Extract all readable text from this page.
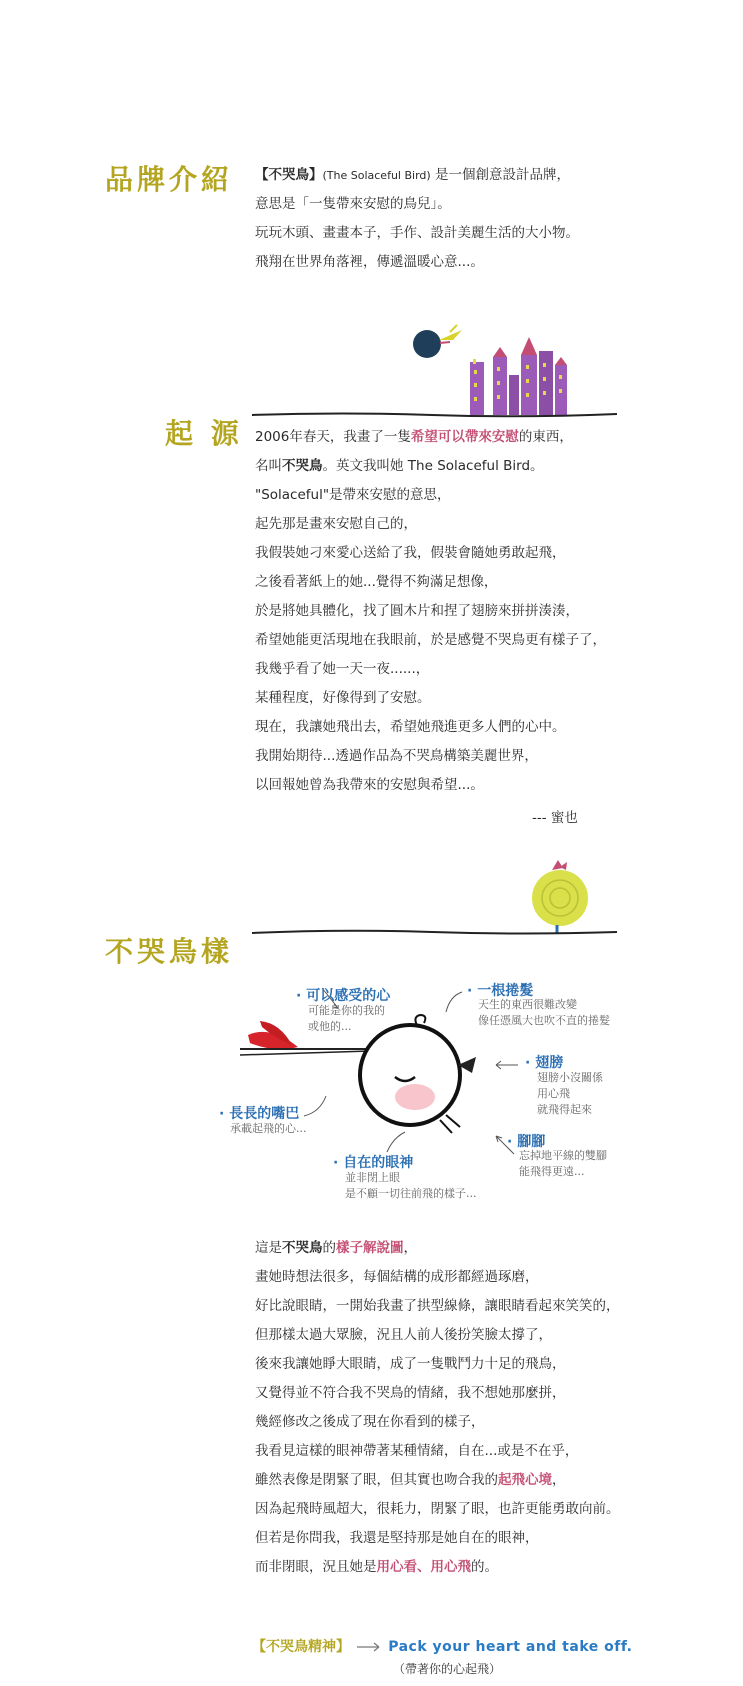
品牌介紹 【不哭鳥】(The Solaceful Bird) 是一個創意設計品牌，
意思是「一隻帶來安慰的鳥兒」。
玩玩木頭、畫畫本子，手作、設計美麗生活的大小物。
飛翔在世界角落裡，傳遞溫暖心意...。
起 源 2006年春天，我畫了一隻希望可以帶來安慰的東西，
名叫不哭鳥。英文我叫她 The Solaceful Bird。
"Solaceful"是帶來安慰的意思，
起先那是畫來安慰自己的，
我假裝她刁來愛心送給了我，假裝會隨她勇敢起飛，
之後看著紙上的她...覺得不夠滿足想像，
於是將她具體化，找了圓木片和捏了翅膀來拼拼湊湊，
希望她能更活現地在我眼前，於是感覺不哭鳥更有樣子了，
我幾乎看了她一天一夜......，
某種程度，好像得到了安慰。
現在，我讓她飛出去，希望她飛進更多人們的心中。
我開始期待...透過作品為不哭鳥構築美麗世界，
以回報她曾為我帶來的安慰與希望...。
--- 蜜也
不哭鳥樣
· 可以感受的心
可能是你的我的
或他的...
· 一根捲髮
天生的東西很難改變
像任憑風大也吹不直的捲髮
· 翅膀
翅膀小沒關係
用心飛
就飛得起來
· 長長的嘴巴
承載起飛的心...
· 腳腳
忘掉地平線的雙腳
能飛得更遠...
· 自在的眼神
並非閉上眼
是不顧一切往前飛的樣子...
這是不哭鳥的樣子解說圖，
畫她時想法很多，每個結構的成形都經過琢磨，
好比說眼睛，一開始我畫了拱型線條，讓眼睛看起來笑笑的，
但那樣太過大眾臉，況且人前人後扮笑臉太撐了，
後來我讓她睜大眼睛，成了一隻戰鬥力十足的飛鳥，
又覺得並不符合我不哭鳥的情緒，我不想她那麼拼，
幾經修改之後成了現在你看到的樣子，
我看見這樣的眼神帶著某種情緒，自在...或是不在乎，
雖然表像是閉緊了眼，但其實也吻合我的起飛心境，
因為起飛時風超大，很耗力，閉緊了眼，也許更能勇敢向前。
但若是你問我，我還是堅持那是她自在的眼神，
而非閉眼，況且她是用心看、用心飛的。
【不哭鳥精神】	Pack your heart and take off.
（帶著你的心起飛）
